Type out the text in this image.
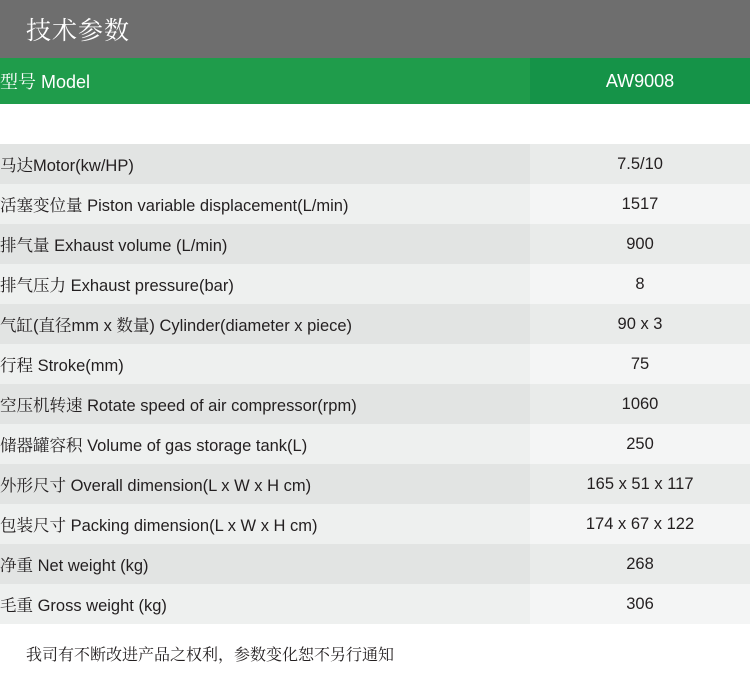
技术参数
型号 Model	AW9008

马达Motor(kw/HP)	7.5/10
活塞变位量 Piston variable displacement(L/min)	1517
排气量 Exhaust volume (L/min)	900
排气压力 Exhaust pressure(bar)	8
气缸(直径mm x 数量) Cylinder(diameter x piece)	90 x 3
行程 Stroke(mm)	75
空压机转速 Rotate speed of air compressor(rpm)	1060
储器罐容积 Volume of gas storage tank(L)	250
外形尺寸 Overall dimension(L x W x H cm)	165 x 51 x 117
包装尺寸 Packing dimension(L x W x H cm)	174 x 67 x 122
净重 Net weight (kg)	268
毛重 Gross weight (kg)	306
我司有不断改进产品之权利，参数变化恕不另行通知
